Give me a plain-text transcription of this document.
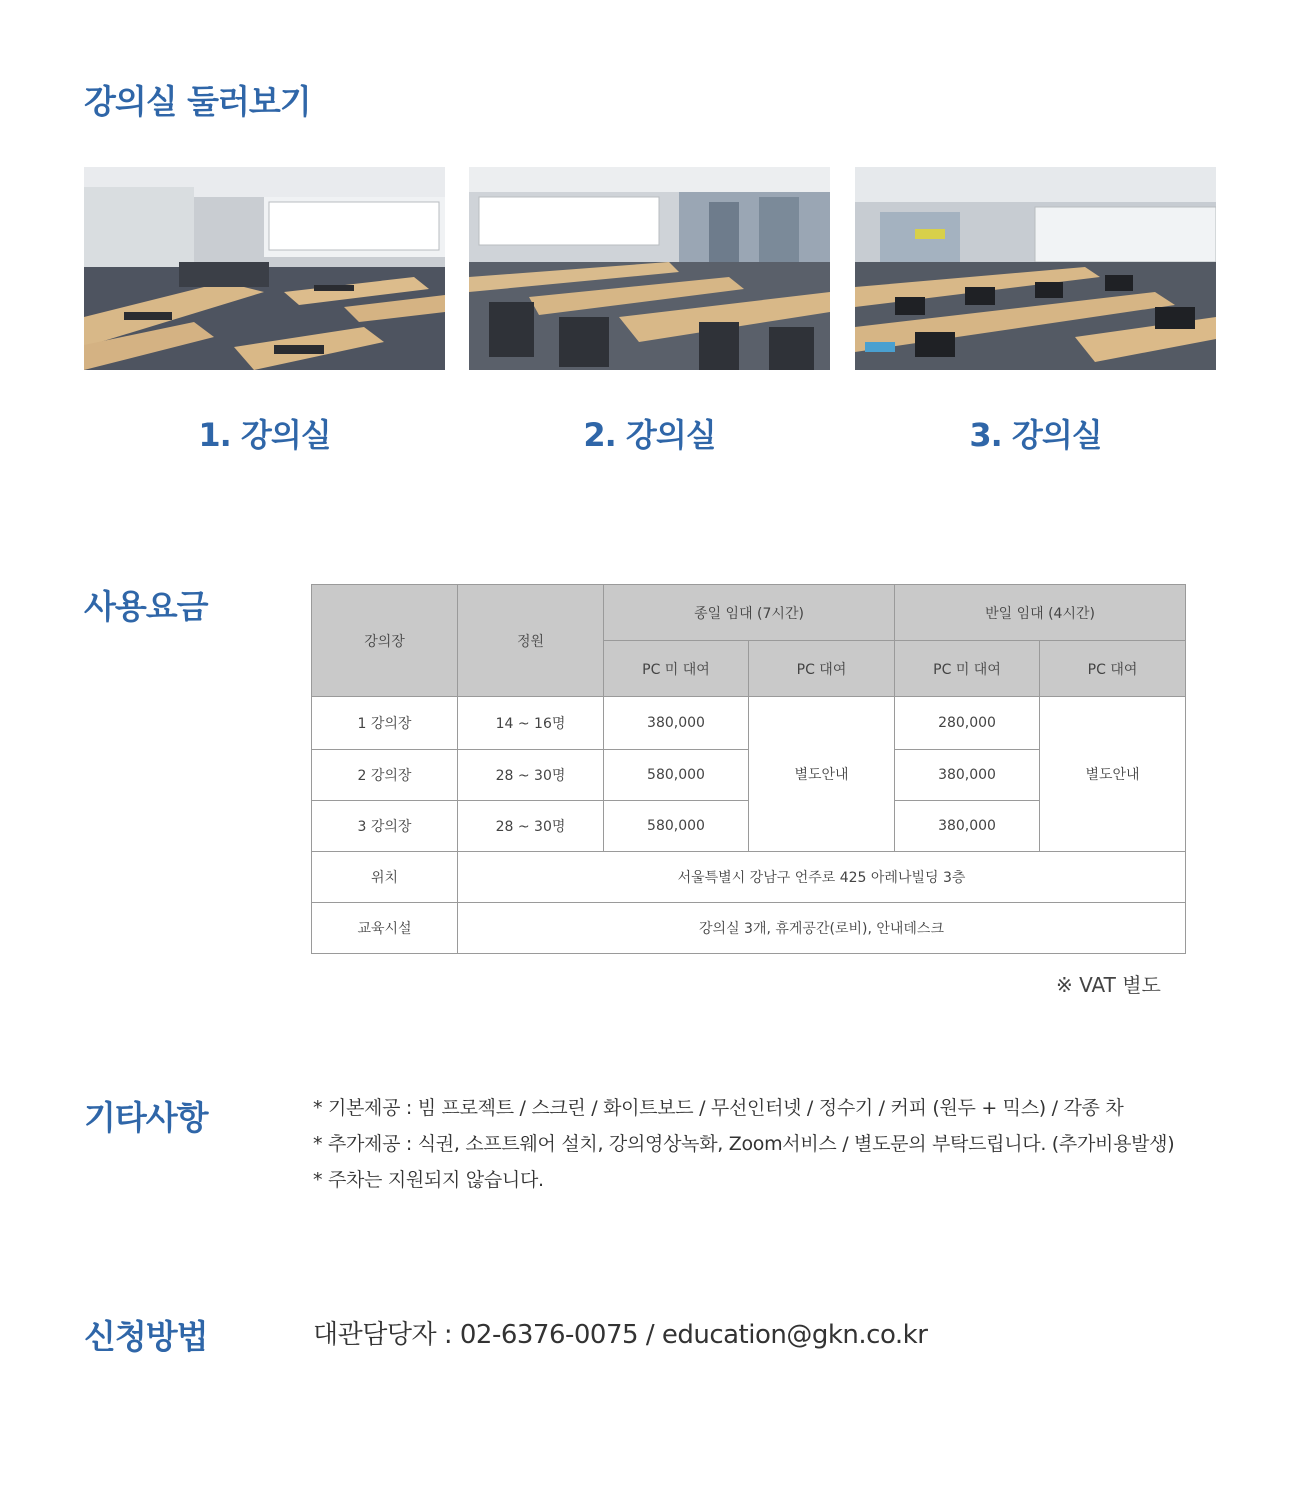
강의실 둘러보기
1. 강의실	2. 강의실	3. 강의실
사용요금
강의장	정원	종일 임대 (7시간)		반일 임대 (4시간)	
		PC 미 대여	PC 대여	PC 미 대여	PC 대여
1 강의장	14 ~ 16명	380,000	별도안내	280,000	별도안내
2 강의장	28 ~ 30명	580,000		380,000	
3 강의장	28 ~ 30명	580,000		380,000	
위치	서울특별시 강남구 언주로 425 아레나빌딩 3층				
교육시설	강의실 3개, 휴게공간(로비), 안내데스크				
※ VAT 별도
기타사항	* 기본제공 : 빔 프로젝트 / 스크린 / 화이트보드 / 무선인터넷 / 정수기 / 커피 (원두 + 믹스) / 각종 차
* 추가제공 : 식권, 소프트웨어 설치, 강의영상녹화, Zoom서비스 / 별도문의 부탁드립니다. (추가비용발생)
* 주차는 지원되지 않습니다.
신청방법	대관담당자 : 02-6376-0075 / education@gkn.co.kr
